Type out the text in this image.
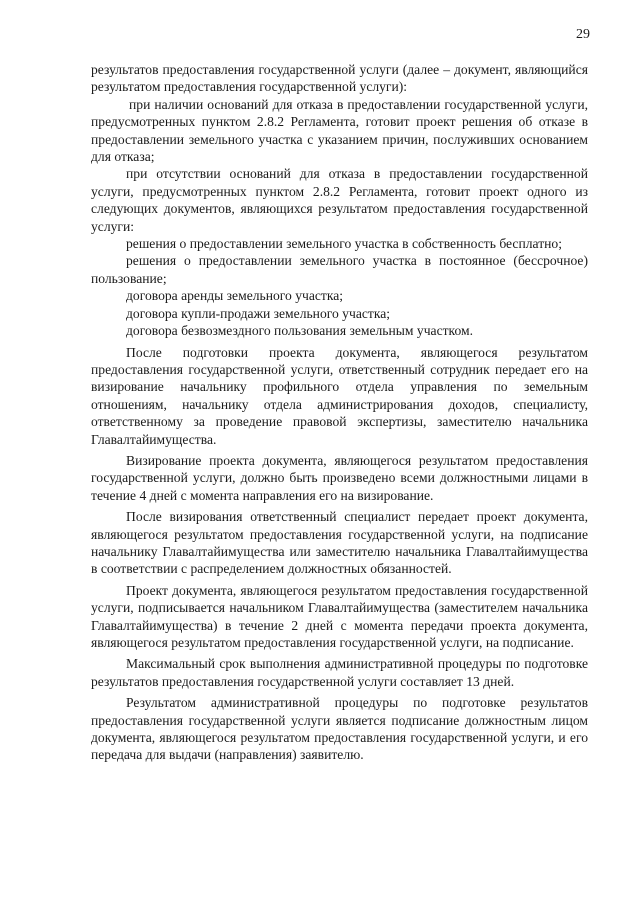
29

результатов предоставления государственной услуги (далее – документ, являющийся результатом предоставления государственной услуги):

при наличии оснований для отказа в предоставлении государственной услуги, предусмотренных пунктом 2.8.2 Регламента, готовит проект решения об отказе в предоставлении земельного участка с указанием причин, послуживших основанием для отказа;

при отсутствии оснований для отказа в предоставлении государственной услуги, предусмотренных пунктом 2.8.2 Регламента, готовит проект одного из следующих документов, являющихся результатом предоставления государственной услуги:

решения о предоставлении земельного участка в собственность бесплатно;

решения о предоставлении земельного участка в постоянное (бессрочное) пользование;

договора аренды земельного участка;

договора купли-продажи земельного участка;

договора безвозмездного пользования земельным участком.

После подготовки проекта документа, являющегося результатом предоставления государственной услуги, ответственный сотрудник передает его на визирование начальнику профильного отдела управления по земельным отношениям, начальнику отдела администрирования доходов, специалисту, ответственному за проведение правовой экспертизы, заместителю начальника Главалтайимущества.

Визирование проекта документа, являющегося результатом предоставления государственной услуги, должно быть произведено всеми должностными лицами в течение 4 дней с момента направления его на визирование.

После визирования ответственный специалист передает проект документа, являющегося результатом предоставления государственной услуги, на подписание начальнику Главалтайимущества или заместителю начальника Главалтайимущества в соответствии с распределением должностных обязанностей.

Проект документа, являющегося результатом предоставления государственной услуги, подписывается начальником Главалтайимущества (заместителем начальника Главалтайимущества) в течение 2 дней с момента передачи проекта документа, являющегося результатом предоставления государственной услуги, на подписание.

Максимальный срок выполнения административной процедуры по подготовке результатов предоставления государственной услуги составляет 13 дней.

Результатом административной процедуры по подготовке результатов предоставления государственной услуги является подписание должностным лицом документа, являющегося результатом предоставления государственной услуги, и его передача для выдачи (направления) заявителю.
